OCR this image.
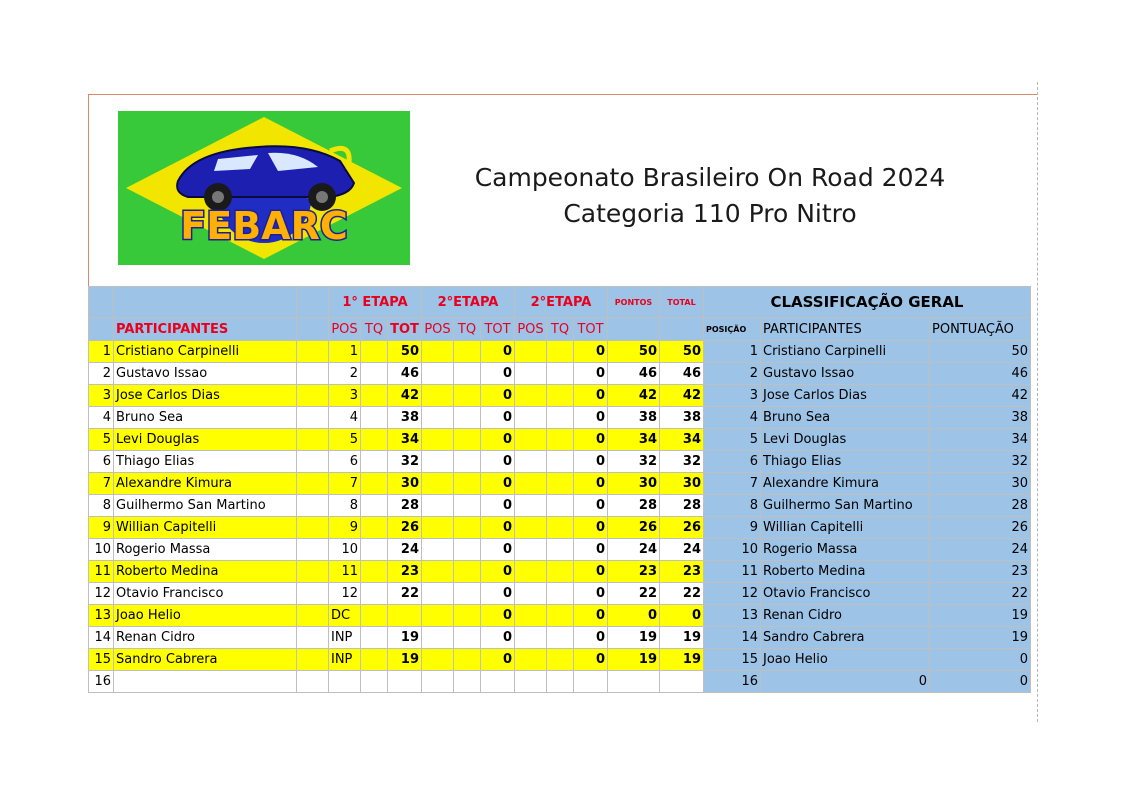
FEBARC
Campeonato Brasileiro On Road 2024
Categoria 110 Pro Nitro
			1° ETAPA			2°ETAPA			2°ETAPA			PONTOS	TOTAL	CLASSIFICAÇÃO GERAL		
	PARTICIPANTES		POS	TQ	TOT	POS	TQ	TOT	POS	TQ	TOT			POSIÇÃO	PARTICIPANTES	PONTUAÇÃO
1	Cristiano Carpinelli		1		50			0			0	50	50	1	Cristiano Carpinelli	50
2	Gustavo Issao		2		46			0			0	46	46	2	Gustavo Issao	46
3	Jose Carlos Dias		3		42			0			0	42	42	3	Jose Carlos Dias	42
4	Bruno Sea		4		38			0			0	38	38	4	Bruno Sea	38
5	Levi Douglas		5		34			0			0	34	34	5	Levi Douglas	34
6	Thiago Elias		6		32			0			0	32	32	6	Thiago Elias	32
7	Alexandre Kimura		7		30			0			0	30	30	7	Alexandre Kimura	30
8	Guilhermo San Martino		8		28			0			0	28	28	8	Guilhermo San Martino	28
9	Willian Capitelli		9		26			0			0	26	26	9	Willian Capitelli	26
10	Rogerio Massa		10		24			0			0	24	24	10	Rogerio Massa	24
11	Roberto Medina		11		23			0			0	23	23	11	Roberto Medina	23
12	Otavio Francisco		12		22			0			0	22	22	12	Otavio Francisco	22
13	Joao Helio		DC					0			0	0	0	13	Renan Cidro	19
14	Renan Cidro		INP		19			0			0	19	19	14	Sandro Cabrera	19
15	Sandro Cabrera		INP		19			0			0	19	19	15	Joao Helio	0
16														16	0	0
